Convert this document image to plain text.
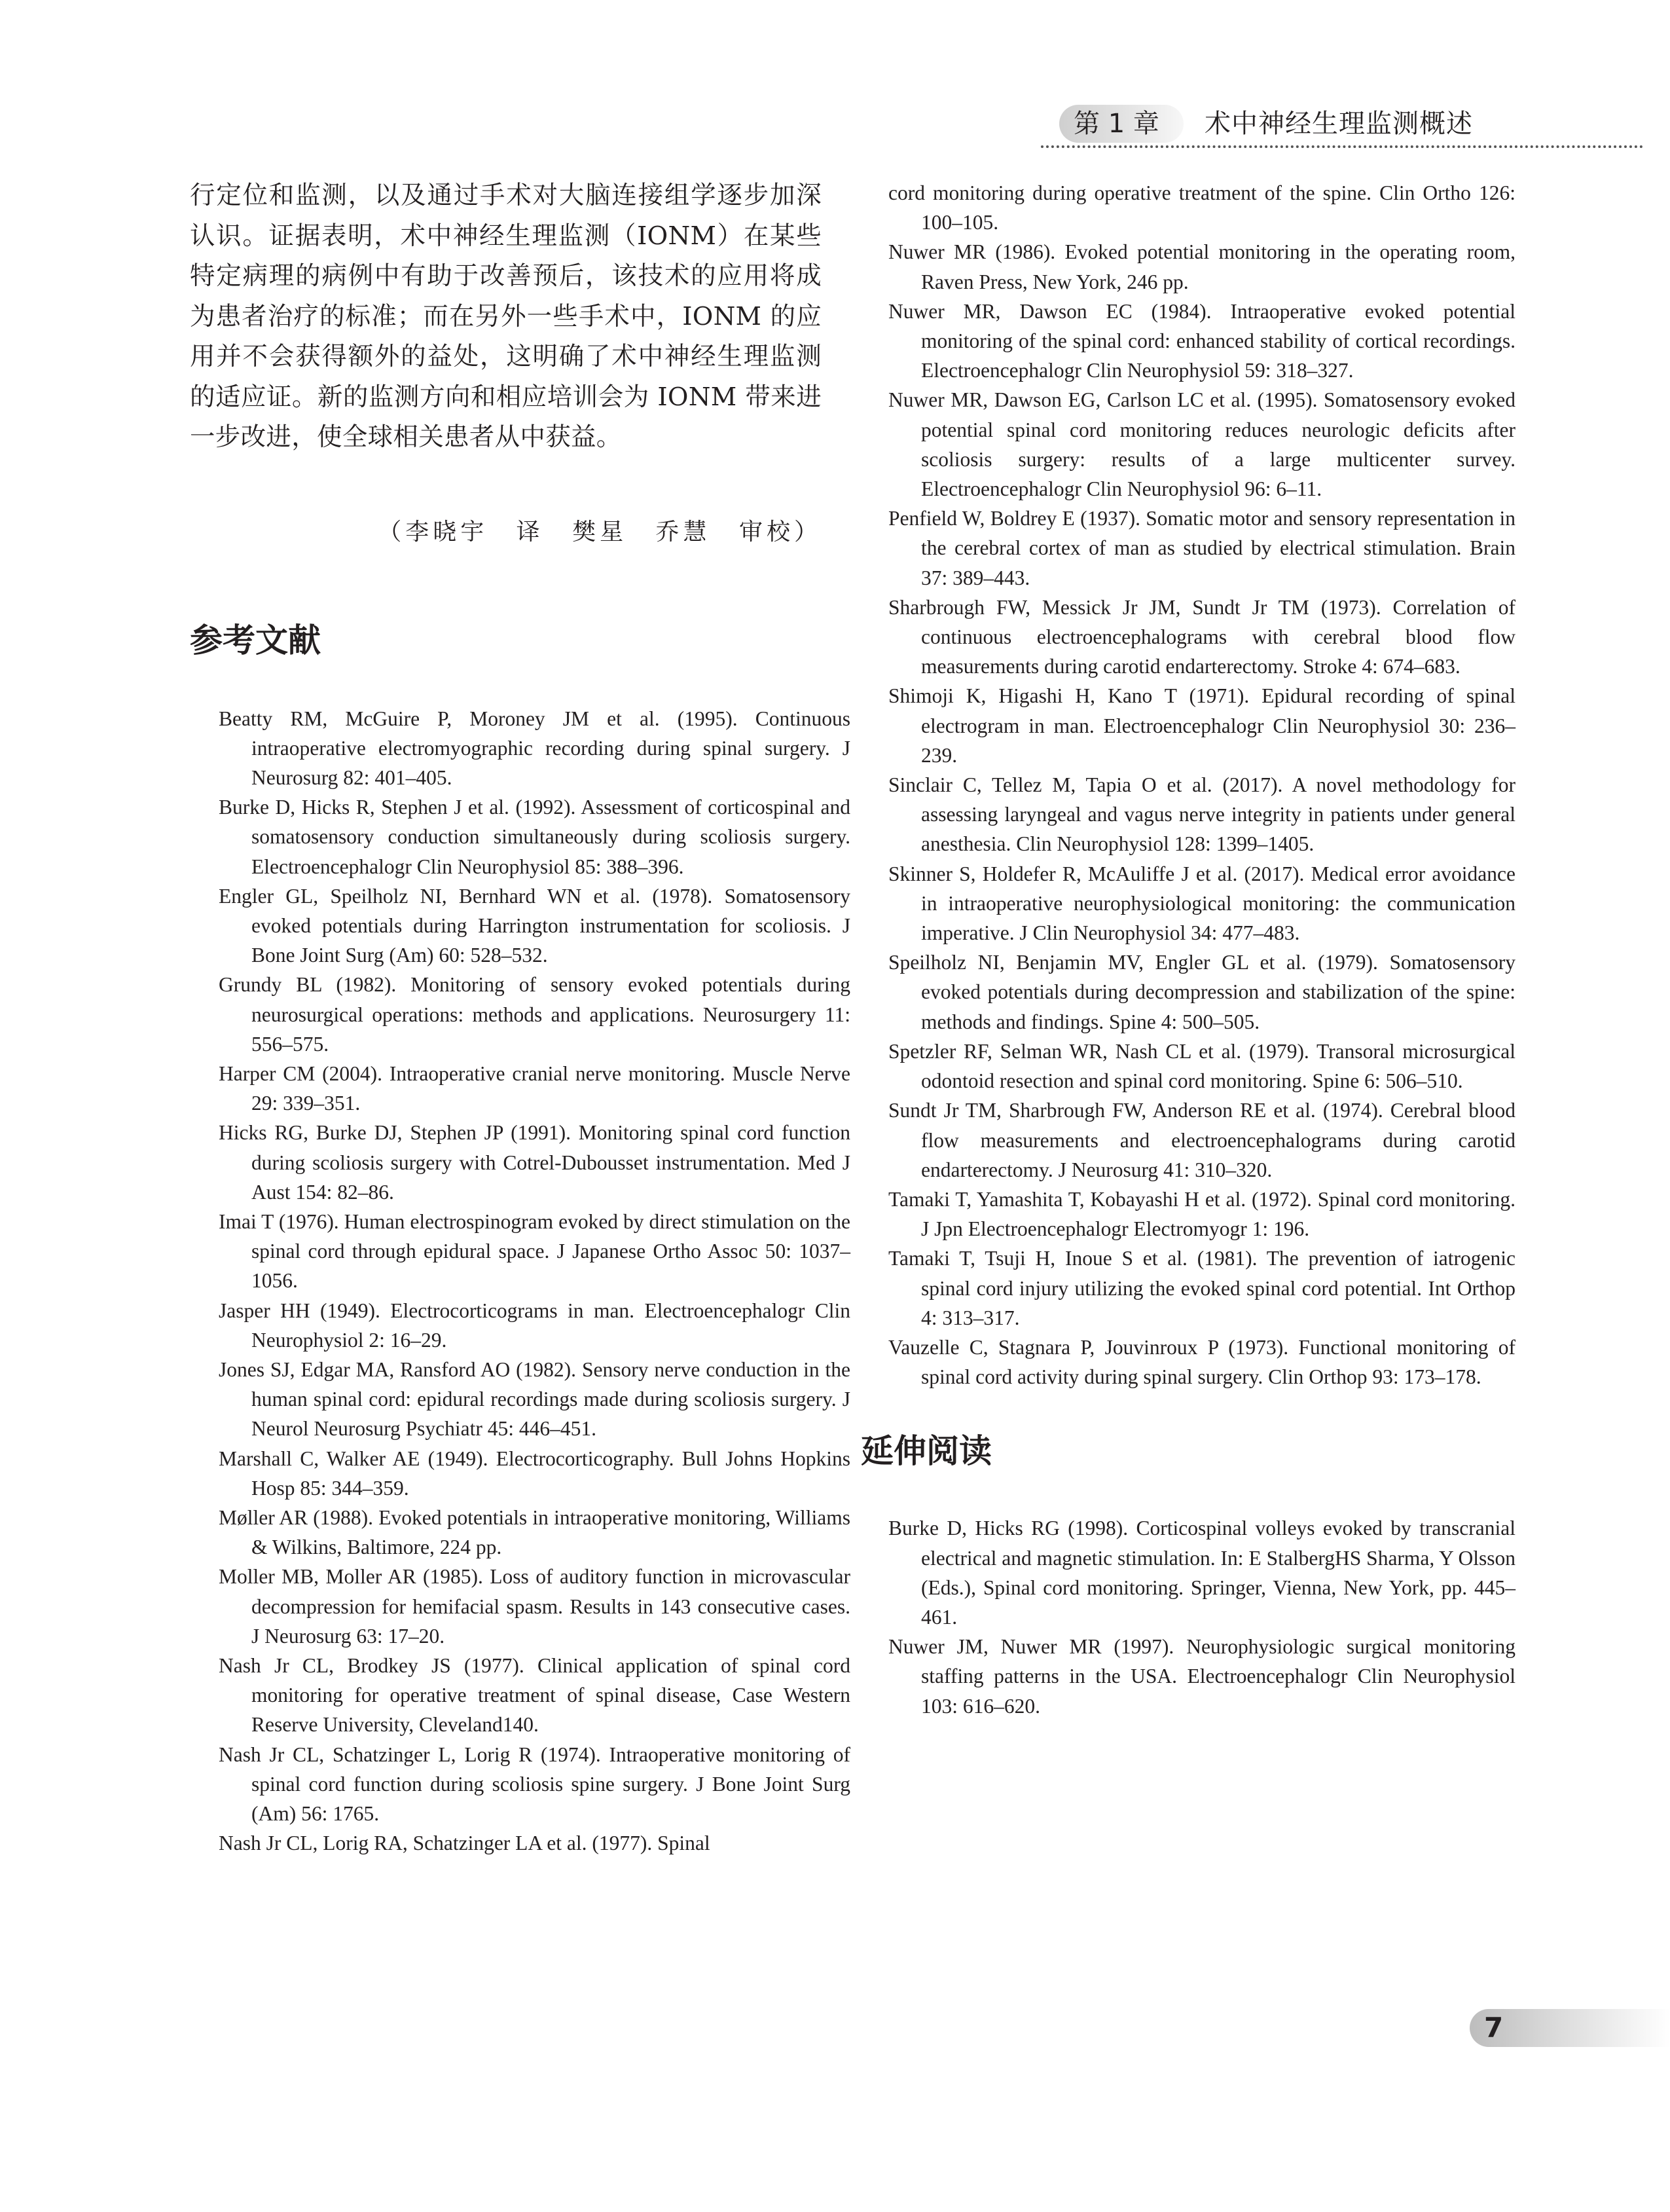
第 1 章 术中神经生理监测概述

行定位和监测，以及通过手术对大脑连接组学逐步加深认识。证据表明，术中神经生理监测（IONM）在某些特定病理的病例中有助于改善预后，该技术的应用将成为患者治疗的标准；而在另外一些手术中，IONM 的应用并不会获得额外的益处，这明确了术中神经生理监测的适应证。新的监测方向和相应培训会为 IONM 带来进一步改进，使全球相关患者从中获益。

（李晓宇 译 樊星 乔慧 审校）
参考文献
Beatty RM, McGuire P, Moroney JM et al. (1995). Continuous intraoperative electromyographic recording during spinal surgery. J Neurosurg 82: 401–405.
Burke D, Hicks R, Stephen J et al. (1992). Assessment of corticospinal and somatosensory conduction simultaneously during scoliosis surgery. Electroencephalogr Clin Neurophysiol 85: 388–396.
Engler GL, Speilholz NI, Bernhard WN et al. (1978). Somatosensory evoked potentials during Harrington instrumentation for scoliosis. J Bone Joint Surg (Am) 60: 528–532.
Grundy BL (1982). Monitoring of sensory evoked potentials during neurosurgical operations: methods and applications. Neurosurgery 11: 556–575.
Harper CM (2004). Intraoperative cranial nerve monitoring. Muscle Nerve 29: 339–351.
Hicks RG, Burke DJ, Stephen JP (1991). Monitoring spinal cord function during scoliosis surgery with Cotrel-Dubousset instrumentation. Med J Aust 154: 82–86.
Imai T (1976). Human electrospinogram evoked by direct stimulation on the spinal cord through epidural space. J Japanese Ortho Assoc 50: 1037–1056.
Jasper HH (1949). Electrocorticograms in man. Electroencephalogr Clin Neurophysiol 2: 16–29.
Jones SJ, Edgar MA, Ransford AO (1982). Sensory nerve conduction in the human spinal cord: epidural recordings made during scoliosis surgery. J Neurol Neurosurg Psychiatr 45: 446–451.
Marshall C, Walker AE (1949). Electrocorticography. Bull Johns Hopkins Hosp 85: 344–359.
Møller AR (1988). Evoked potentials in intraoperative monitoring, Williams & Wilkins, Baltimore, 224 pp.
Moller MB, Moller AR (1985). Loss of auditory function in microvascular decompression for hemifacial spasm. Results in 143 consecutive cases. J Neurosurg 63: 17–20.
Nash Jr CL, Brodkey JS (1977). Clinical application of spinal cord monitoring for operative treatment of spinal disease, Case Western Reserve University, Cleveland140.
Nash Jr CL, Schatzinger L, Lorig R (1974). Intraoperative monitoring of spinal cord function during scoliosis spine surgery. J Bone Joint Surg (Am) 56: 1765.
Nash Jr CL, Lorig RA, Schatzinger LA et al. (1977). Spinal
cord monitoring during operative treatment of the spine. Clin Ortho 126: 100–105.
Nuwer MR (1986). Evoked potential monitoring in the operating room, Raven Press, New York, 246 pp.
Nuwer MR, Dawson EC (1984). Intraoperative evoked potential monitoring of the spinal cord: enhanced stability of cortical recordings. Electroencephalogr Clin Neurophysiol 59: 318–327.
Nuwer MR, Dawson EG, Carlson LC et al. (1995). Somatosensory evoked potential spinal cord monitoring reduces neurologic deficits after scoliosis surgery: results of a large multicenter survey. Electroencephalogr Clin Neurophysiol 96: 6–11.
Penfield W, Boldrey E (1937). Somatic motor and sensory representation in the cerebral cortex of man as studied by electrical stimulation. Brain 37: 389–443.
Sharbrough FW, Messick Jr JM, Sundt Jr TM (1973). Correlation of continuous electroencephalograms with cerebral blood flow measurements during carotid endarterectomy. Stroke 4: 674–683.
Shimoji K, Higashi H, Kano T (1971). Epidural recording of spinal electrogram in man. Electroencephalogr Clin Neurophysiol 30: 236–239.
Sinclair C, Tellez M, Tapia O et al. (2017). A novel methodology for assessing laryngeal and vagus nerve integrity in patients under general anesthesia. Clin Neurophysiol 128: 1399–1405.
Skinner S, Holdefer R, McAuliffe J et al. (2017). Medical error avoidance in intraoperative neurophysiological monitoring: the communication imperative. J Clin Neurophysiol 34: 477–483.
Speilholz NI, Benjamin MV, Engler GL et al. (1979). Somatosensory evoked potentials during decompression and stabilization of the spine: methods and findings. Spine 4: 500–505.
Spetzler RF, Selman WR, Nash CL et al. (1979). Transoral microsurgical odontoid resection and spinal cord monitoring. Spine 6: 506–510.
Sundt Jr TM, Sharbrough FW, Anderson RE et al. (1974). Cerebral blood flow measurements and electroencephalograms during carotid endarterectomy. J Neurosurg 41: 310–320.
Tamaki T, Yamashita T, Kobayashi H et al. (1972). Spinal cord monitoring. J Jpn Electroencephalogr Electromyogr 1: 196.
Tamaki T, Tsuji H, Inoue S et al. (1981). The prevention of iatrogenic spinal cord injury utilizing the evoked spinal cord potential. Int Orthop 4: 313–317.
Vauzelle C, Stagnara P, Jouvinroux P (1973). Functional monitoring of spinal cord activity during spinal surgery. Clin Orthop 93: 173–178.
延伸阅读
Burke D, Hicks RG (1998). Corticospinal volleys evoked by transcranial electrical and magnetic stimulation. In: E StalbergHS Sharma, Y Olsson (Eds.), Spinal cord monitoring. Springer, Vienna, New York, pp. 445–461.
Nuwer JM, Nuwer MR (1997). Neurophysiologic surgical monitoring staffing patterns in the USA. Electroencephalogr Clin Neurophysiol 103: 616–620.
7
